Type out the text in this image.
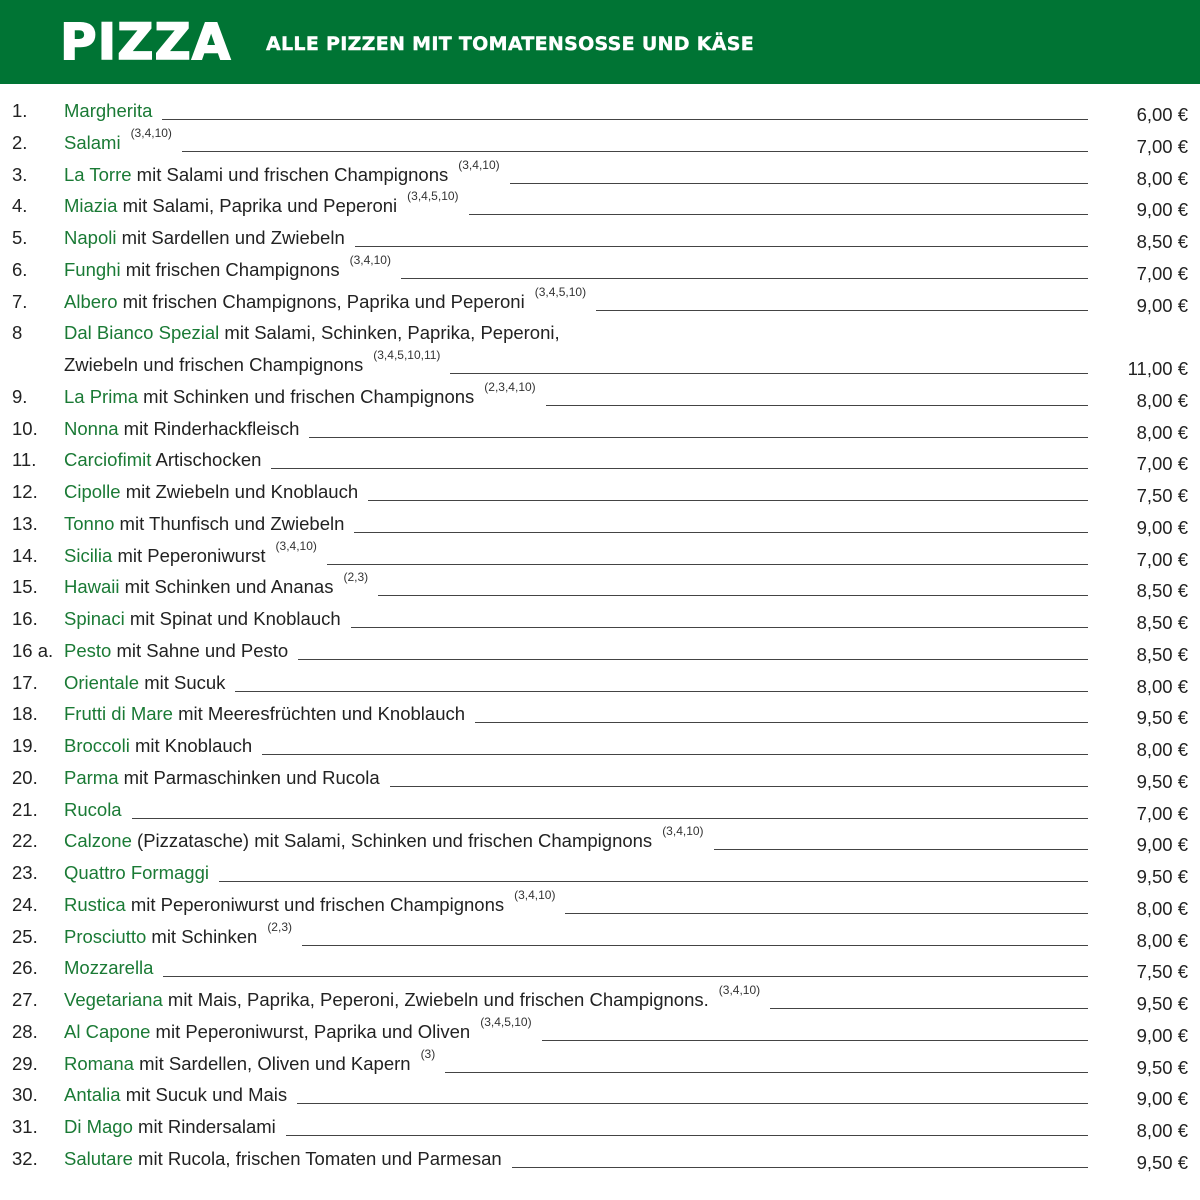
PIZZA ALLE PIZZEN MIT TOMATENSOSSE UND KÄSE
1. Margherita	6,00 €
2. Salami (3,4,10)
7,00 €
3. La Torre mit Salami und frischen Champignons (3,4,10)
8,00 €
4. Miazia mit Salami, Paprika und Peperoni (3,4,5,10)
9,00 €
5. Napoli mit Sardellen und Zwiebeln	8,50 €
6. Funghi mit frischen Champignons (3,4,10)
7,00 €
7. Albero mit frischen Champignons, Paprika und Peperoni (3,4,5,10)
9,00 €
8 Dal Bianco Spezial mit Salami, Schinken, Paprika, Peperoni,
Zwiebeln und frischen Champignons (3,4,5,10,11)
11,00 €
9. La Prima mit Schinken und frischen Champignons (2,3,4,10)
8,00 €
10. Nonna mit Rinderhackfleisch	8,00 €
11. Carciofimit Artischocken	7,00 €
12. Cipolle mit Zwiebeln und Knoblauch	7,50 €
13. Tonno mit Thunfisch und Zwiebeln	9,00 €
14. Sicilia mit Peperoniwurst (3,4,10)
7,00 €
15. Hawaii mit Schinken und Ananas (2,3)
8,50 €
16. Spinaci mit Spinat und Knoblauch	8,50 €
16 a. Pesto mit Sahne und Pesto	8,50 €
17. Orientale mit Sucuk	8,00 €
18. Frutti di Mare mit Meeresfrüchten und Knoblauch	9,50 €
19. Broccoli mit Knoblauch	8,00 €
20. Parma mit Parmaschinken und Rucola	9,50 €
21. Rucola	7,00 €
22. Calzone (Pizzatasche) mit Salami, Schinken und frischen Champignons (3,4,10)
9,00 €
23. Quattro Formaggi	9,50 €
24. Rustica mit Peperoniwurst und frischen Champignons (3,4,10)
8,00 €
25. Prosciutto mit Schinken (2,3)
8,00 €
26. Mozzarella	7,50 €
27. Vegetariana mit Mais, Paprika, Peperoni, Zwiebeln und frischen Champignons. (3,4,10)
9,50 €
28. Al Capone mit Peperoniwurst, Paprika und Oliven (3,4,5,10)
9,00 €
29. Romana mit Sardellen, Oliven und Kapern (3)
9,50 €
30. Antalia mit Sucuk und Mais	9,00 €
31. Di Mago mit Rindersalami	8,00 €
32. Salutare mit Rucola, frischen Tomaten und Parmesan	9,50 €
